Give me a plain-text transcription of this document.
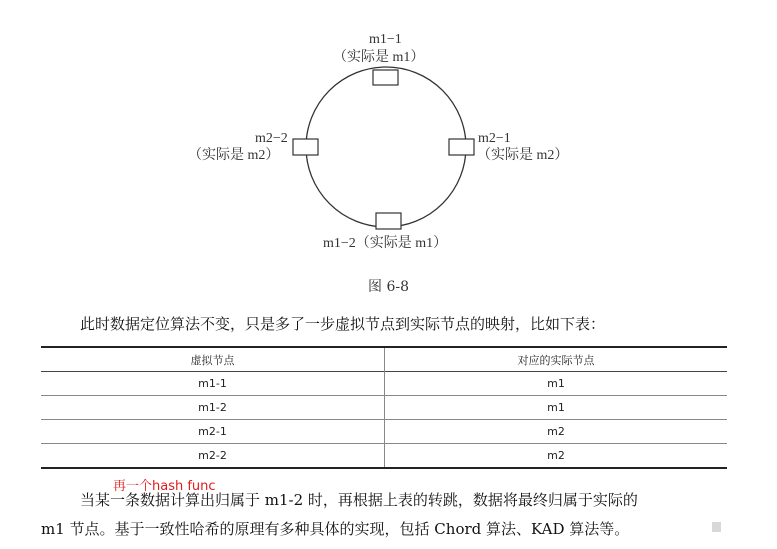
m1−1
（实际是 m1）
m2−2
（实际是 m2）
m2−1
（实际是 m2）
m1−2（实际是 m1）
图 6-8
此时数据定位算法不变，只是多了一步虚拟节点到实际节点的映射，比如下表：
虚拟节点	对应的实际节点
m1-1	m1
m1-2	m1
m2-1	m2
m2-2	m2
再一个hash func
当某一条数据计算出归属于 m1-2 时，再根据上表的转跳，数据将最终归属于实际的
m1 节点。基于一致性哈希的原理有多种具体的实现，包括 Chord 算法、KAD 算法等。
